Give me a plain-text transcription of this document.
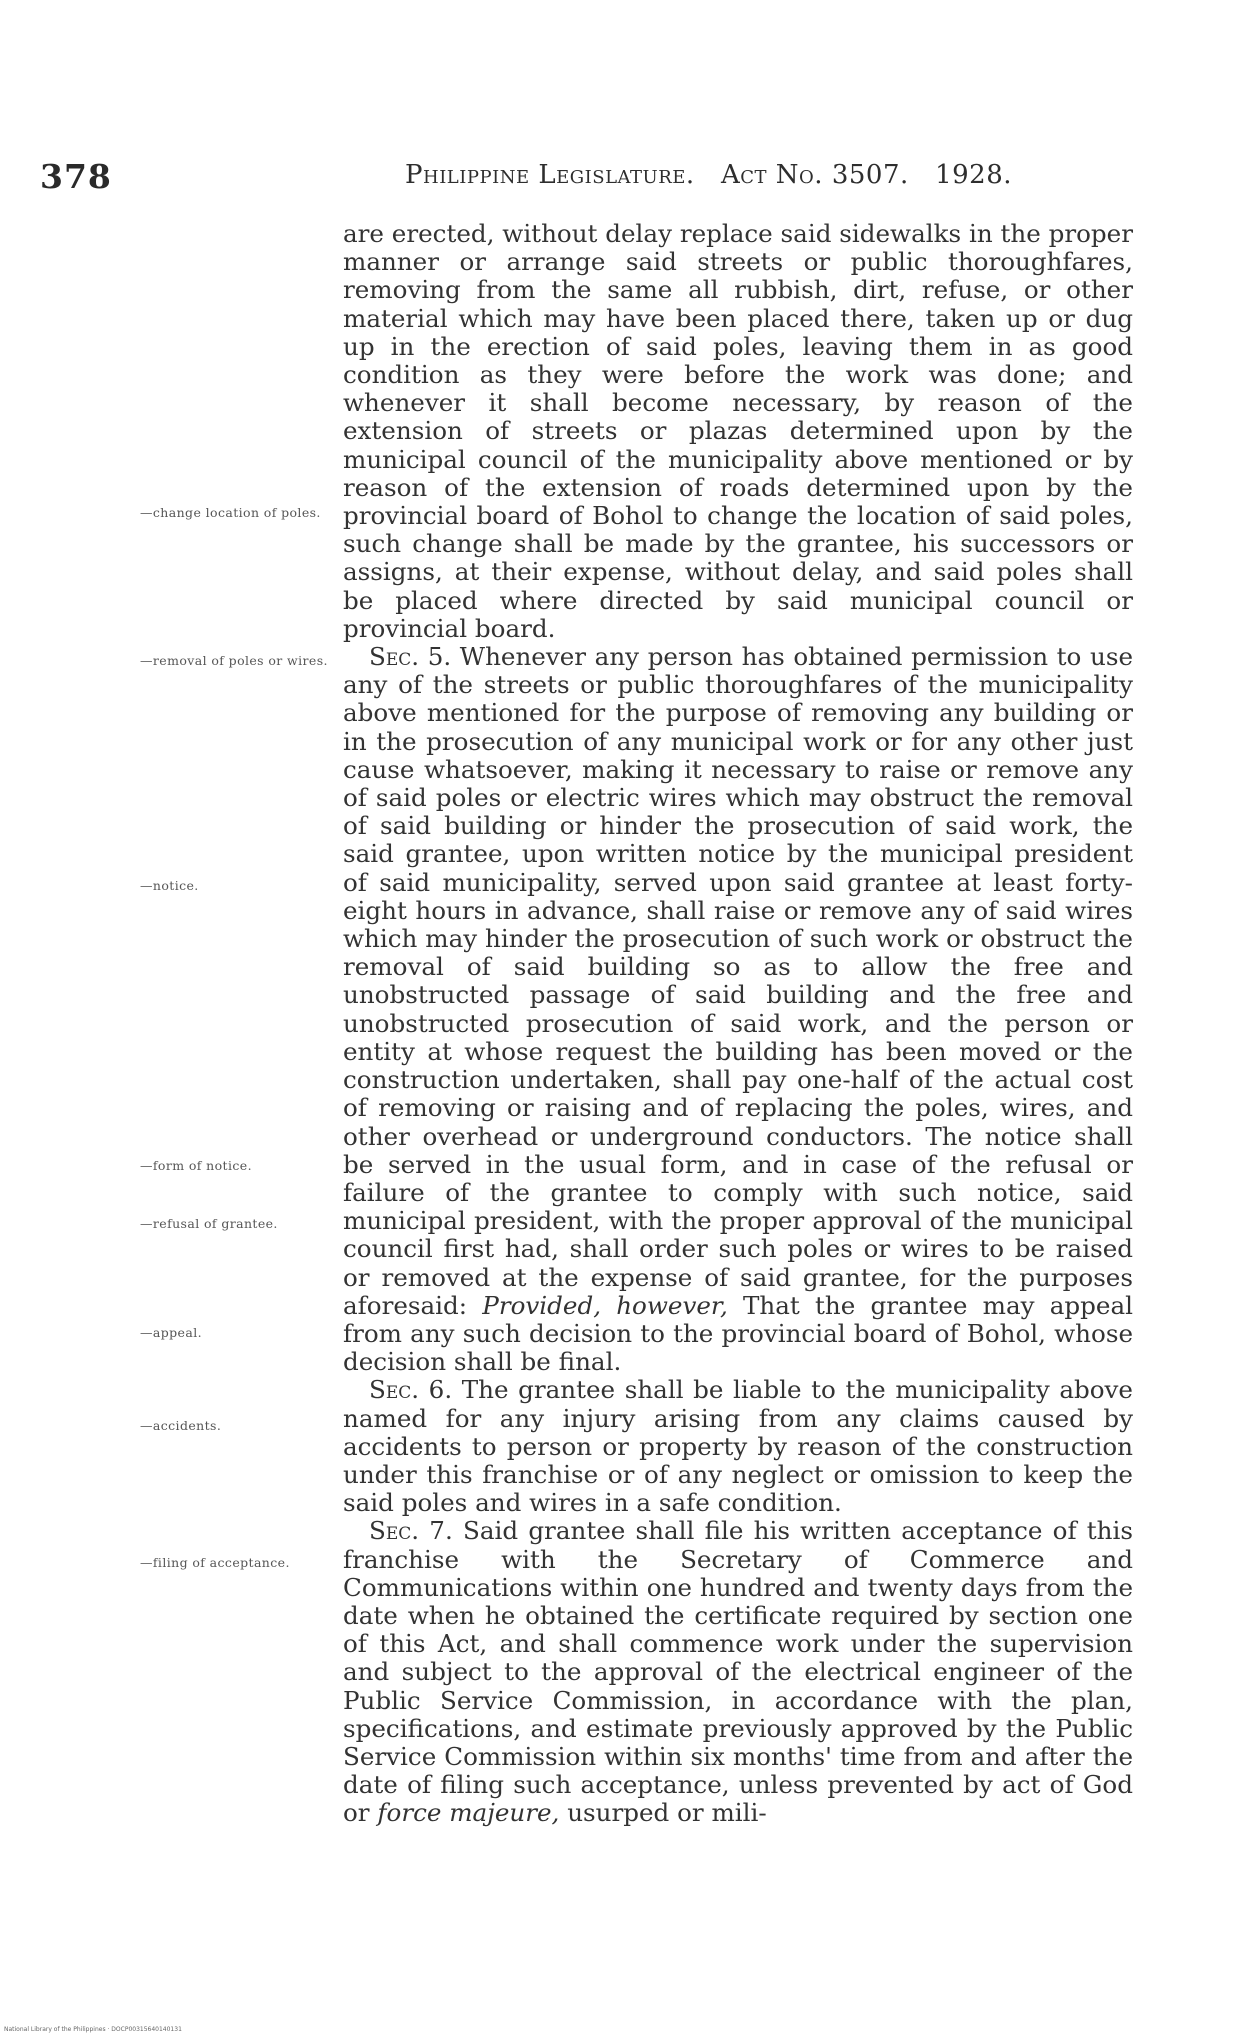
378	Philippine Legislature. Act No. 3507. 1928.
—change location of poles.
—removal of poles or wires.
—notice.
—form of notice.
—refusal of grantee.
—appeal.
—accidents.
—filing of acceptance.

are erected, without delay replace said sidewalks in the proper manner or arrange said streets or public thoroughfares, removing from the same all rubbish, dirt, refuse, or other material which may have been placed there, taken up or dug up in the erection of said poles, leaving them in as good condition as they were before the work was done; and whenever it shall become necessary, by reason of the extension of streets or plazas determined upon by the municipal council of the municipality above mentioned or by reason of the extension of roads determined upon by the provincial board of Bohol to change the location of said poles, such change shall be made by the grantee, his successors or assigns, at their expense, without delay, and said poles shall be placed where directed by said municipal council or provincial board.

Sec. 5. Whenever any person has obtained permission to use any of the streets or public thoroughfares of the municipality above mentioned for the purpose of removing any building or in the prosecution of any municipal work or for any other just cause whatsoever, making it necessary to raise or remove any of said poles or electric wires which may obstruct the removal of said building or hinder the prosecution of said work, the said grantee, upon written notice by the municipal president of said municipality, served upon said grantee at least forty-eight hours in advance, shall raise or remove any of said wires which may hinder the prosecution of such work or obstruct the removal of said building so as to allow the free and unobstructed passage of said building and the free and unobstructed prosecution of said work, and the person or entity at whose request the building has been moved or the construction undertaken, shall pay one-half of the actual cost of removing or raising and of replacing the poles, wires, and other overhead or underground conductors. The notice shall be served in the usual form, and in case of the refusal or failure of the grantee to comply with such notice, said municipal president, with the proper approval of the municipal council first had, shall order such poles or wires to be raised or removed at the expense of said grantee, for the purposes aforesaid: Provided, however, That the grantee may appeal from any such decision to the provincial board of Bohol, whose decision shall be final.

Sec. 6. The grantee shall be liable to the municipality above named for any injury arising from any claims caused by accidents to person or property by reason of the construction under this franchise or of any neglect or omission to keep the said poles and wires in a safe condition.

Sec. 7. Said grantee shall file his written acceptance of this franchise with the Secretary of Commerce and Communications within one hundred and twenty days from the date when he obtained the certificate required by section one of this Act, and shall commence work under the supervision and subject to the approval of the electrical engineer of the Public Service Commission, in accordance with the plan, specifications, and estimate previously approved by the Public Service Commission within six months' time from and after the date of filing such acceptance, unless prevented by act of God or force majeure, usurped or mili-

National Library of the Philippines · DOCP00315640140131
